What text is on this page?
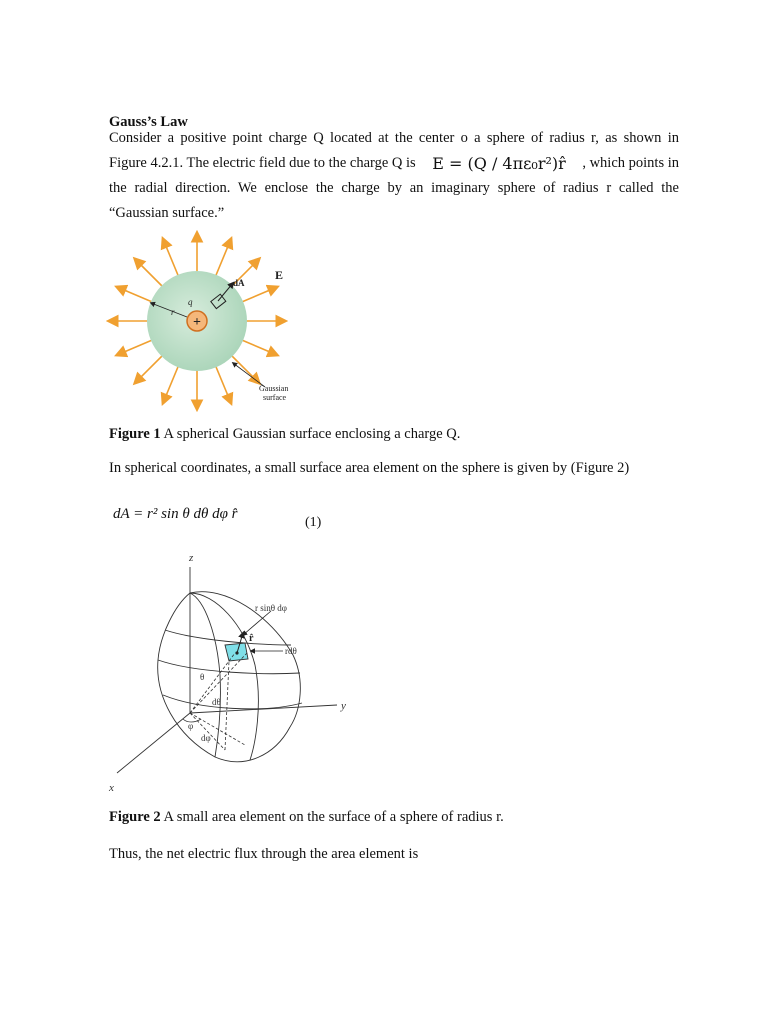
Gauss’s Law
Consider a positive point charge Q located at the center o a sphere of radius r, as shown in
Figure 4.2.1. The electric field due to the charge Q is E = (Q / 4πε₀r²)r̂ , which points in
the radial direction. We enclose the charge by an imaginary sphere of radius r called the
“Gaussian surface.”
+
q
r
dA
E
Gaussian
surface
Figure 1 A spherical Gaussian surface enclosing a charge Q.
In spherical coordinates, a small surface area element on the sphere is given by (Figure 2)
dA = r² sin θ dθ dφ r̂
(1)
z
y
x
r sinθ dφ
r̂
rdθ
θ
dθ
φ
dφ
Figure 2 A small area element on the surface of a sphere of radius r.
Thus, the net electric flux through the area element is
